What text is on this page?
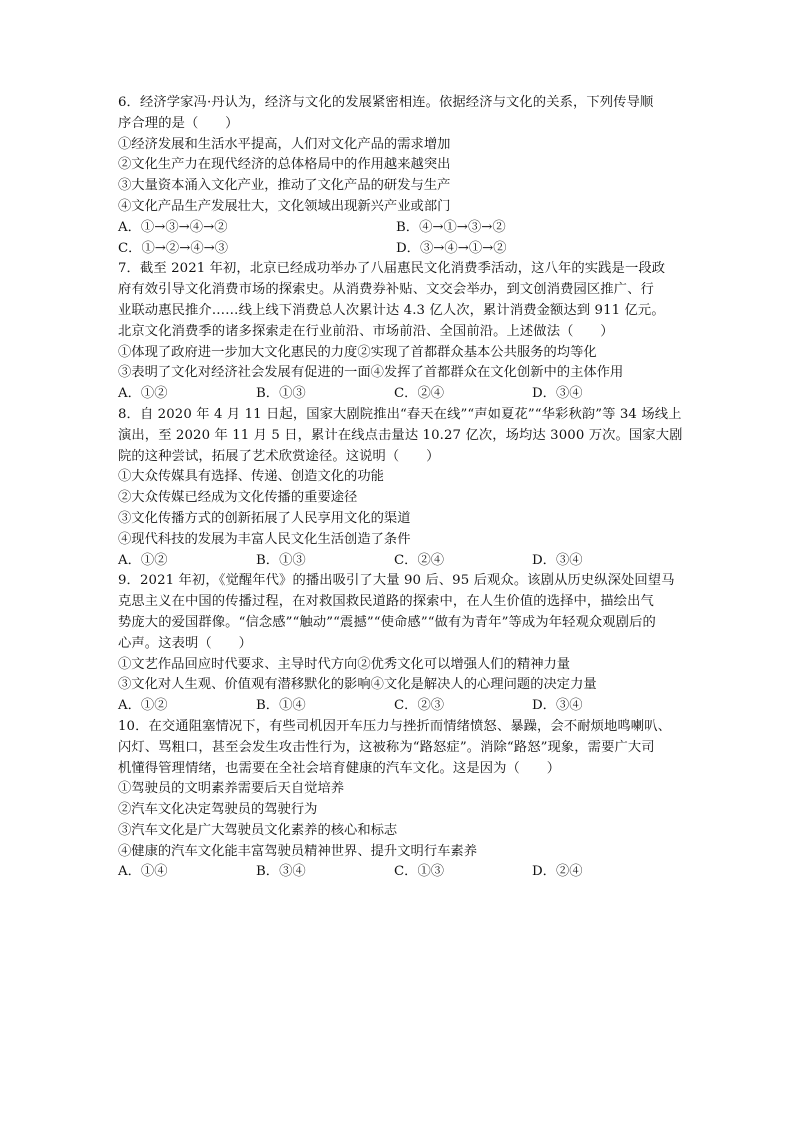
6．经济学家冯·丹认为，经济与文化的发展紧密相连。依据经济与文化的关系，下列传导顺
序合理的是（　　）
①经济发展和生活水平提高，人们对文化产品的需求增加
②文化生产力在现代经济的总体格局中的作用越来越突出
③大量资本涌入文化产业，推动了文化产品的研发与生产
④文化产品生产发展壮大，文化领域出现新兴产业或部门
A．①→③→④→②	B．④→①→③→②
C．①→②→④→③	D．③→④→①→②
7．截至 2021 年初，北京已经成功举办了八届惠民文化消费季活动，这八年的实践是一段政
府有效引导文化消费市场的探索史。从消费券补贴、文交会举办，到文创消费园区推广、行
业联动惠民推介……线上线下消费总人次累计达 4.3 亿人次，累计消费金额达到 911 亿元。
北京文化消费季的诸多探索走在行业前沿、市场前沿、全国前沿。上述做法（　　）
①体现了政府进一步加大文化惠民的力度 ②实现了首都群众基本公共服务的均等化
③表明了文化对经济社会发展有促进的一面 ④发挥了首都群众在文化创新中的主体作用
A．①②	B．①③	C．②④	D．③④
8．自 2020 年 4 月 11 日起，国家大剧院推出“春天在线”“声如夏花”“华彩秋韵”等 34 场线上
演出，至 2020 年 11 月 5 日，累计在线点击量达 10.27 亿次，场均达 3000 万次。国家大剧
院的这种尝试，拓展了艺术欣赏途径。这说明（　　）
①大众传媒具有选择、传递、创造文化的功能
②大众传媒已经成为文化传播的重要途径
③文化传播方式的创新拓展了人民享用文化的渠道
④现代科技的发展为丰富人民文化生活创造了条件
A．①②	B．①③	C．②④	D．③④
9．2021 年初，《觉醒年代》的播出吸引了大量 90 后、95 后观众。该剧从历史纵深处回望马
克思主义在中国的传播过程，在对救国救民道路的探索中，在人生价值的选择中，描绘出气
势庞大的爱国群像。“信念感”“触动”“震撼”“使命感”“做有为青年”等成为年轻观众观剧后的
心声。这表明（　　）
①文艺作品回应时代要求、主导时代方向 ②优秀文化可以增强人们的精神力量
③文化对人生观、价值观有潜移默化的影响 ④文化是解决人的心理问题的决定力量
A．①②	B．①④	C．②③	D．③④
10．在交通阻塞情况下，有些司机因开车压力与挫折而情绪愤怒、暴躁，会不耐烦地鸣喇叭、
闪灯、骂粗口，甚至会发生攻击性行为，这被称为“路怒症”。消除“路怒”现象，需要广大司
机懂得管理情绪，也需要在全社会培育健康的汽车文化。这是因为（　　）
①驾驶员的文明素养需要后天自觉培养
②汽车文化决定驾驶员的驾驶行为
③汽车文化是广大驾驶员文化素养的核心和标志
④健康的汽车文化能丰富驾驶员精神世界、提升文明行车素养
A．①④	B．③④	C．①③	D．②④
